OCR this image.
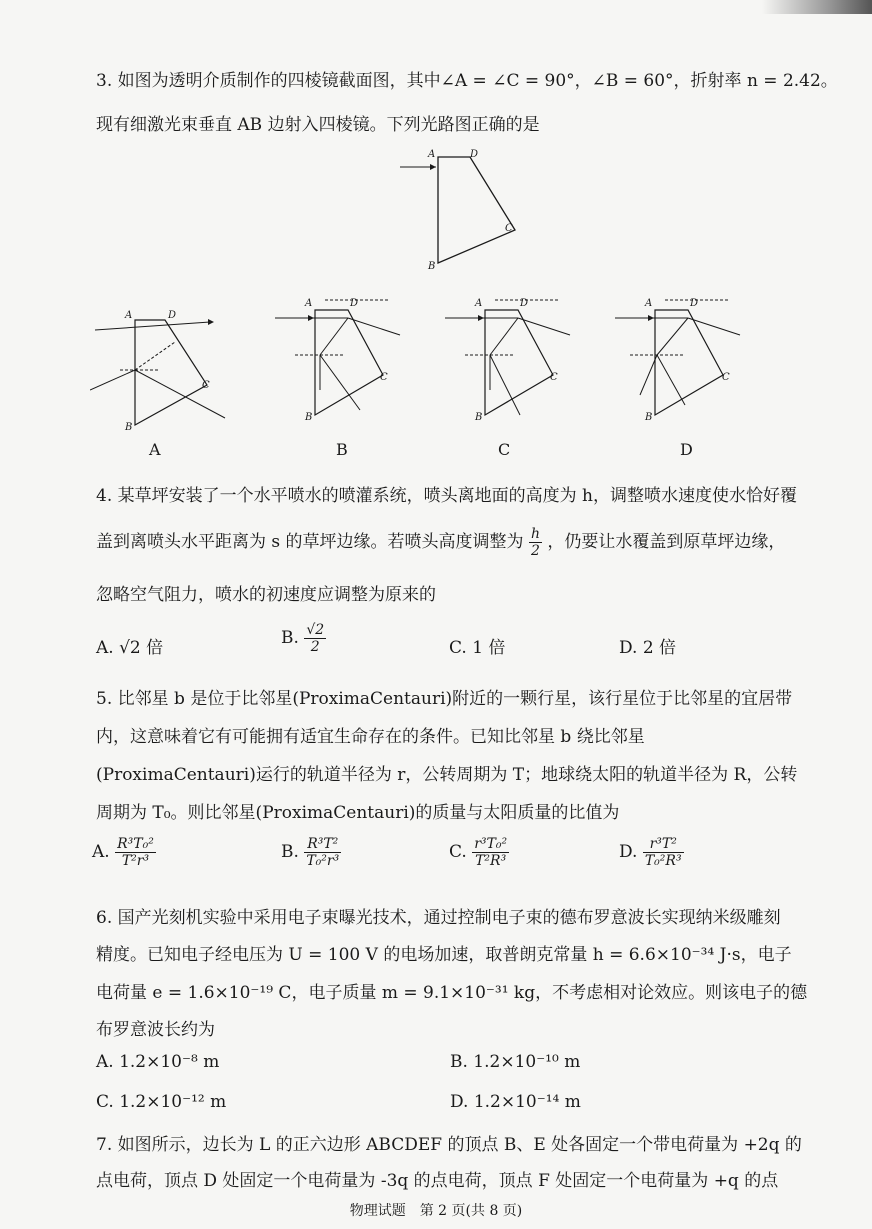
3. 如图为透明介质制作的四棱镜截面图，其中∠A = ∠C = 90°，∠B = 60°，折射率 n = 2.42。
现有细激光束垂直 AB 边射入四棱镜。下列光路图正确的是
A	D
C
B
A	D
C
B
A
A	D
C
B
B
A	D
C
B
C
A	D
C
B
D
4. 某草坪安装了一个水平喷水的喷灌系统，喷头离地面的高度为 h，调整喷水速度使水恰好覆
盖到离喷头水平距离为 s 的草坪边缘。若喷头高度调整为 $\frac{h}{2}$ ，仍要让水覆盖到原草坪边缘，
忽略空气阻力，喷水的初速度应调整为原来的
A. √2 倍	B. $\frac{√2}{2}$	C. 1 倍	D. 2 倍
5. 比邻星 b 是位于比邻星(ProximaCentauri)附近的一颗行星，该行星位于比邻星的宜居带
内，这意味着它有可能拥有适宜生命存在的条件。已知比邻星 b 绕比邻星
(ProximaCentauri)运行的轨道半径为 r，公转周期为 T；地球绕太阳的轨道半径为 R，公转
周期为 T₀。则比邻星(ProximaCentauri)的质量与太阳质量的比值为
A. $\frac{\text{R³T₀²}}{\text{T²r³}}$	B. $\frac{\text{R³T²}}{\text{T₀²r³}}$	C. $\frac{\text{r³T₀²}}{\text{T²R³}}$	D. $\frac{\text{r³T²}}{\text{T₀²R³}}$
6. 国产光刻机实验中采用电子束曝光技术，通过控制电子束的德布罗意波长实现纳米级雕刻
精度。已知电子经电压为 U = 100 V 的电场加速，取普朗克常量 h = 6.6×10⁻³⁴ J·s，电子
电荷量 e = 1.6×10⁻¹⁹ C，电子质量 m = 9.1×10⁻³¹ kg，不考虑相对论效应。则该电子的德
布罗意波长约为
A. 1.2×10⁻⁸ m	B. 1.2×10⁻¹⁰ m
C. 1.2×10⁻¹² m	D. 1.2×10⁻¹⁴ m
7. 如图所示，边长为 L 的正六边形 ABCDEF 的顶点 B、E 处各固定一个带电荷量为 +2q 的
点电荷，顶点 D 处固定一个电荷量为 -3q 的点电荷，顶点 F 处固定一个电荷量为 +q 的点
物理试题　第 2 页(共 8 页)
